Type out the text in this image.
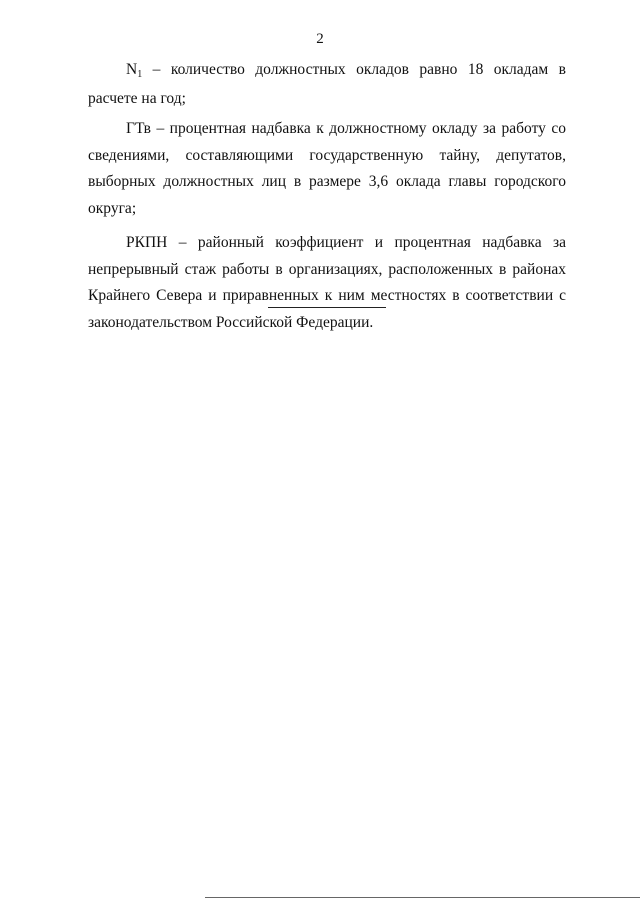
2

N1 – количество должностных окладов равно 18 окладам в расчете на год;

ГТв – процентная надбавка к должностному окладу за работу со сведениями, составляющими государственную тайну, депутатов, выборных должностных лиц в размере 3,6 оклада главы городского округа;

РКПН – районный коэффициент и процентная надбавка за непрерывный стаж работы в организациях, расположенных в районах Крайнего Севера и приравненных к ним местностях в соответствии с законодательством Российской Федерации.
